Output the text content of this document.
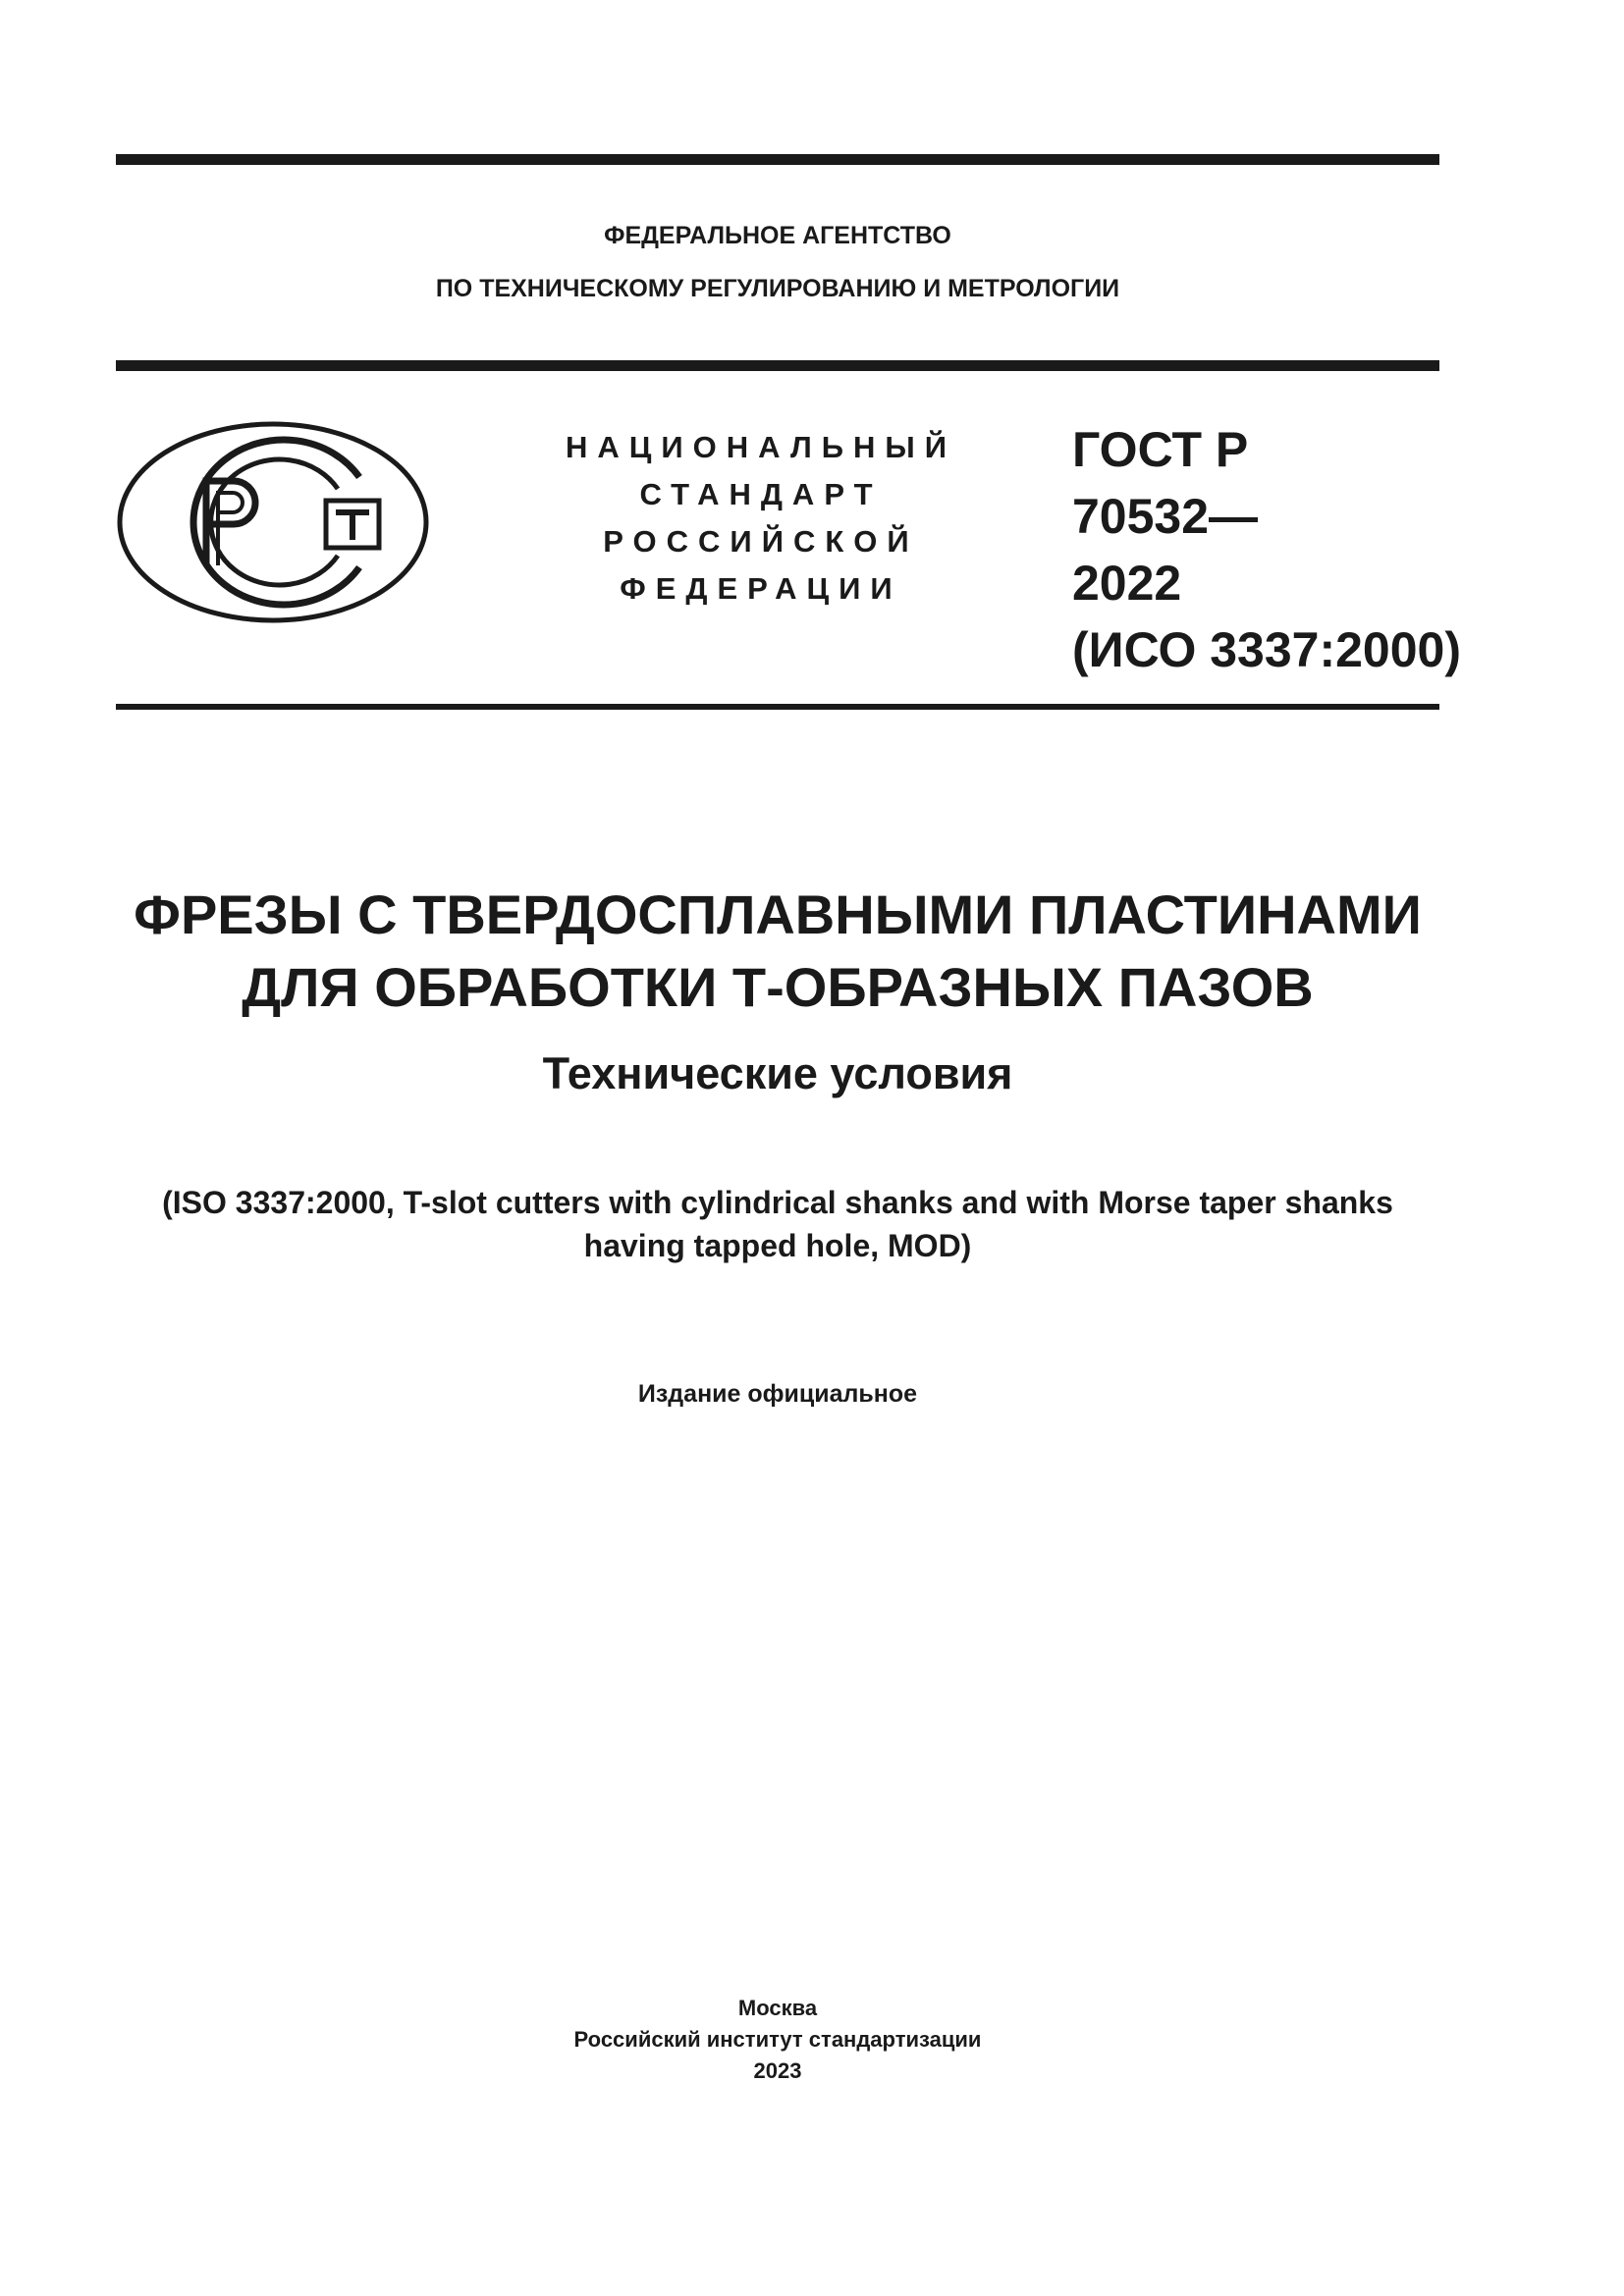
ФЕДЕРАЛЬНОЕ АГЕНТСТВО
ПО ТЕХНИЧЕСКОМУ РЕГУЛИРОВАНИЮ И МЕТРОЛОГИИ
НАЦИОНАЛЬНЫЙ
СТАНДАРТ
РОССИЙСКОЙ
ФЕДЕРАЦИИ
ГОСТ Р
70532—
2022
(ИСО 3337:2000)
ФРЕЗЫ С ТВЕРДОСПЛАВНЫМИ ПЛАСТИНАМИ
ДЛЯ ОБРАБОТКИ Т-ОБРАЗНЫХ ПАЗОВ
Технические условия
(ISO 3337:2000, T-slot cutters with cylindrical shanks and with Morse taper shanks
having tapped hole, MOD)
Издание официальное
Москва
Российский институт стандартизации
2023
